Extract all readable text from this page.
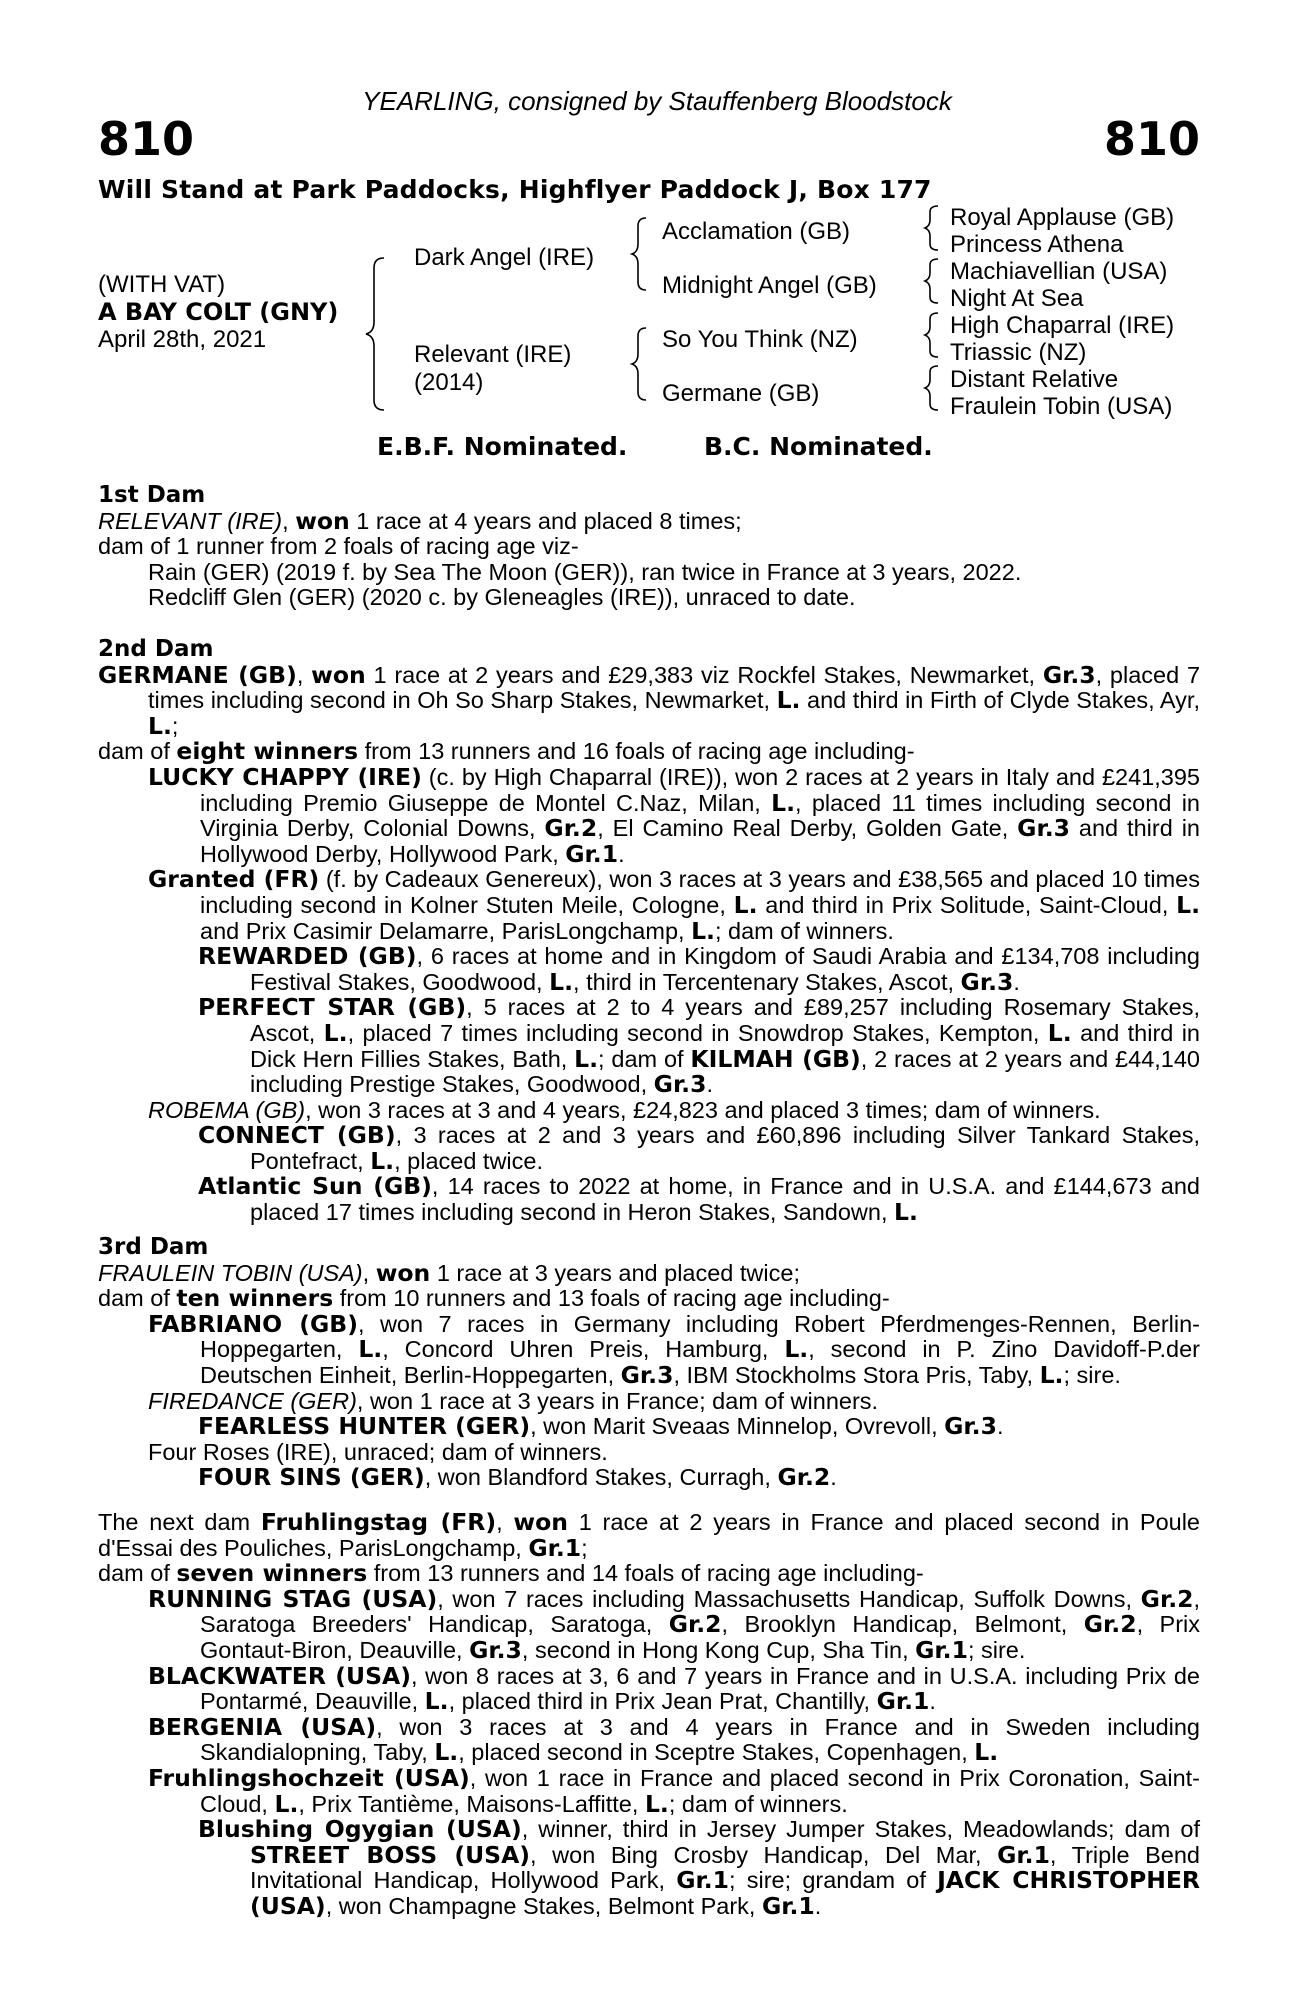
YEARLING, consigned by Stauffenberg Bloodstock
810	810
Will Stand at Park Paddocks, Highflyer Paddock J, Box 177
(WITH VAT)
A BAY COLT (GNY)
April 28th, 2021
Dark Angel (IRE)
Relevant (IRE)
(2014)
Acclamation (GB)
Midnight Angel (GB)
So You Think (NZ)
Germane (GB)
Royal Applause (GB)
Princess Athena
Machiavellian (USA)
Night At Sea
High Chaparral (IRE)
Triassic (NZ)
Distant Relative
Fraulein Tobin (USA)
E.B.F. Nominated.	B.C. Nominated.

1st Dam

RELEVANT (IRE), won 1 race at 4 years and placed 8 times;

dam of 1 runner from 2 foals of racing age viz-

Rain (GER) (2019 f. by Sea The Moon (GER)), ran twice in France at 3 years, 2022.

Redcliff Glen (GER) (2020 c. by Gleneagles (IRE)), unraced to date.

2nd Dam

GERMANE (GB), won 1 race at 2 years and £29,383 viz Rockfel Stakes, Newmarket, Gr.3, placed 7 times including second in Oh So Sharp Stakes, Newmarket, L. and third in Firth of Clyde Stakes, Ayr, L.;

dam of eight winners from 13 runners and 16 foals of racing age including-

LUCKY CHAPPY (IRE) (c. by High Chaparral (IRE)), won 2 races at 2 years in Italy and £241,395 including Premio Giuseppe de Montel C.Naz, Milan, L., placed 11 times including second in Virginia Derby, Colonial Downs, Gr.2, El Camino Real Derby, Golden Gate, Gr.3 and third in Hollywood Derby, Hollywood Park, Gr.1.

Granted (FR) (f. by Cadeaux Genereux), won 3 races at 3 years and £38,565 and placed 10 times including second in Kolner Stuten Meile, Cologne, L. and third in Prix Solitude, Saint-Cloud, L. and Prix Casimir Delamarre, ParisLongchamp, L.; dam of winners.

REWARDED (GB), 6 races at home and in Kingdom of Saudi Arabia and £134,708 including Festival Stakes, Goodwood, L., third in Tercentenary Stakes, Ascot, Gr.3.

PERFECT STAR (GB), 5 races at 2 to 4 years and £89,257 including Rosemary Stakes, Ascot, L., placed 7 times including second in Snowdrop Stakes, Kempton, L. and third in Dick Hern Fillies Stakes, Bath, L.; dam of KILMAH (GB), 2 races at 2 years and £44,140 including Prestige Stakes, Goodwood, Gr.3.

ROBEMA (GB), won 3 races at 3 and 4 years, £24,823 and placed 3 times; dam of winners.

CONNECT (GB), 3 races at 2 and 3 years and £60,896 including Silver Tankard Stakes, Pontefract, L., placed twice.

Atlantic Sun (GB), 14 races to 2022 at home, in France and in U.S.A. and £144,673 and placed 17 times including second in Heron Stakes, Sandown, L.

3rd Dam

FRAULEIN TOBIN (USA), won 1 race at 3 years and placed twice;

dam of ten winners from 10 runners and 13 foals of racing age including-

FABRIANO (GB), won 7 races in Germany including Robert Pferdmenges-Rennen, Berlin-Hoppegarten, L., Concord Uhren Preis, Hamburg, L., second in P. Zino Davidoff-P.der Deutschen Einheit, Berlin-Hoppegarten, Gr.3, IBM Stockholms Stora Pris, Taby, L.; sire.

FIREDANCE (GER), won 1 race at 3 years in France; dam of winners.

FEARLESS HUNTER (GER), won Marit Sveaas Minnelop, Ovrevoll, Gr.3.

Four Roses (IRE), unraced; dam of winners.

FOUR SINS (GER), won Blandford Stakes, Curragh, Gr.2.

The next dam Fruhlingstag (FR), won 1 race at 2 years in France and placed second in Poule d'Essai des Pouliches, ParisLongchamp, Gr.1;

dam of seven winners from 13 runners and 14 foals of racing age including-

RUNNING STAG (USA), won 7 races including Massachusetts Handicap, Suffolk Downs, Gr.2, Saratoga Breeders' Handicap, Saratoga, Gr.2, Brooklyn Handicap, Belmont, Gr.2, Prix Gontaut-Biron, Deauville, Gr.3, second in Hong Kong Cup, Sha Tin, Gr.1; sire.

BLACKWATER (USA), won 8 races at 3, 6 and 7 years in France and in U.S.A. including Prix de Pontarmé, Deauville, L., placed third in Prix Jean Prat, Chantilly, Gr.1.

BERGENIA (USA), won 3 races at 3 and 4 years in France and in Sweden including Skandialopning, Taby, L., placed second in Sceptre Stakes, Copenhagen, L.

Fruhlingshochzeit (USA), won 1 race in France and placed second in Prix Coronation, Saint-Cloud, L., Prix Tantième, Maisons-Laffitte, L.; dam of winners.

Blushing Ogygian (USA), winner, third in Jersey Jumper Stakes, Meadowlands; dam of STREET BOSS (USA), won Bing Crosby Handicap, Del Mar, Gr.1, Triple Bend Invitational Handicap, Hollywood Park, Gr.1; sire; grandam of JACK CHRISTOPHER (USA), won Champagne Stakes, Belmont Park, Gr.1.
